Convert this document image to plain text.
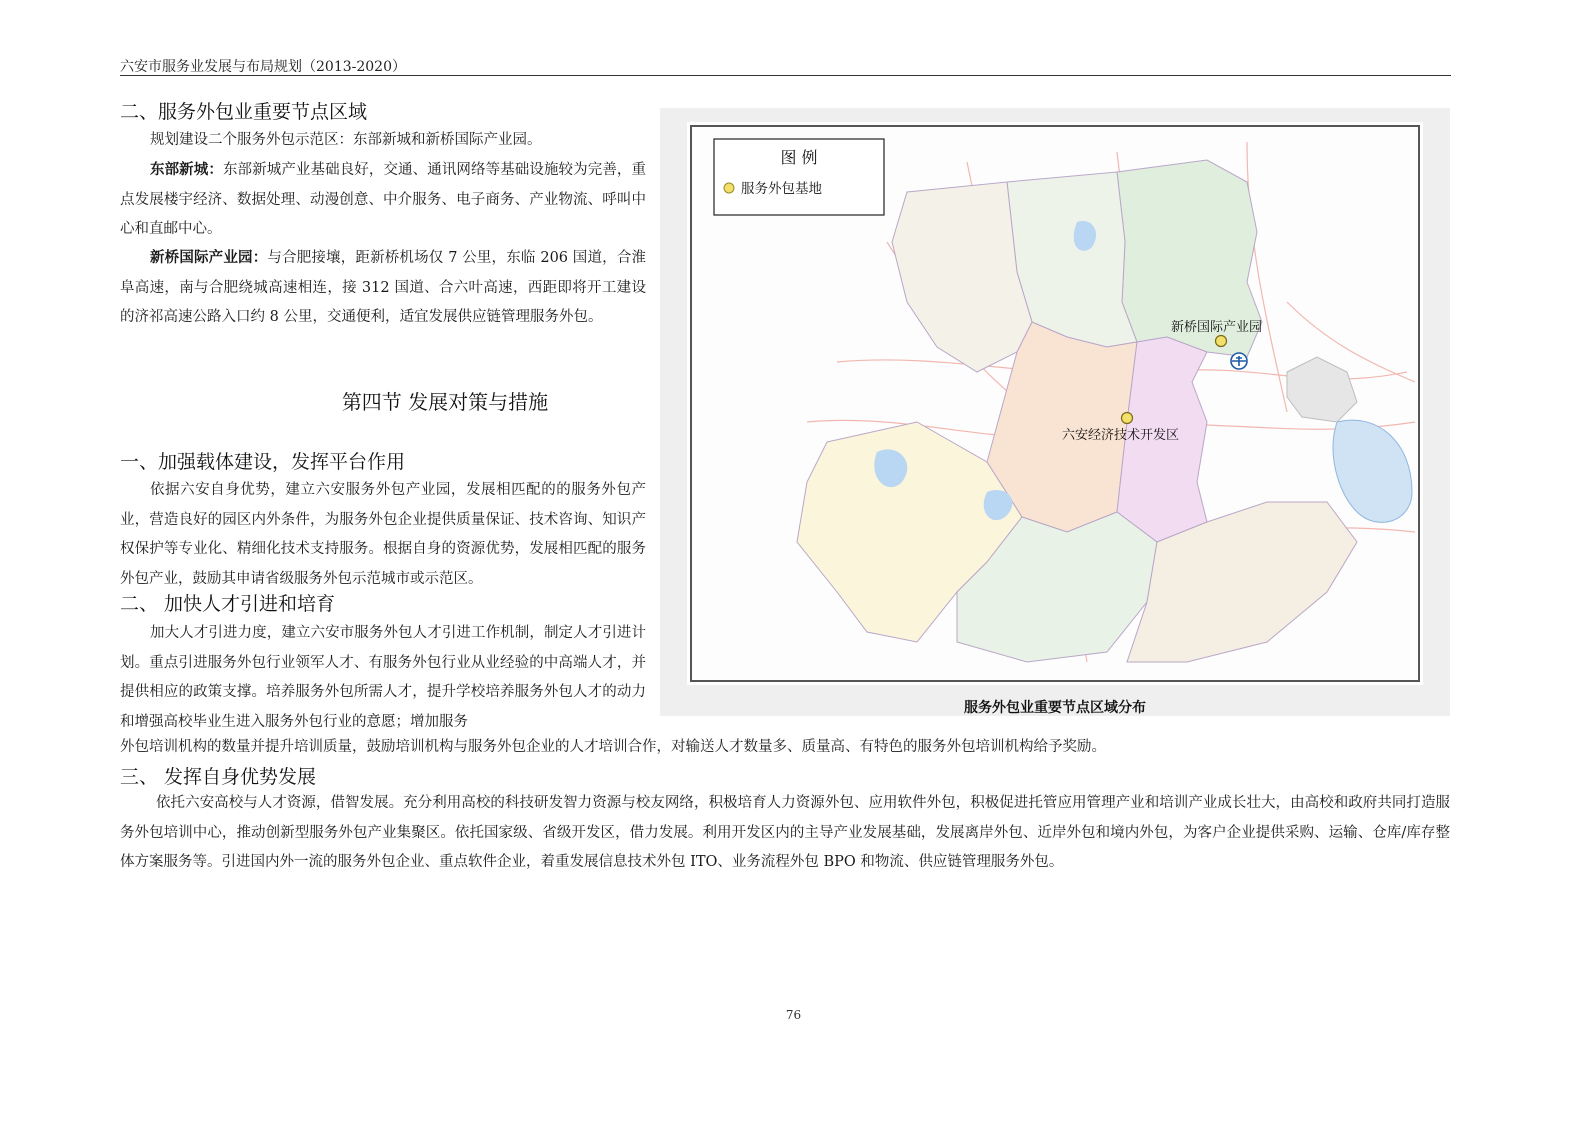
六安市服务业发展与布局规划（2013-2020）
二、服务外包业重要节点区域
规划建设二个服务外包示范区：东部新城和新桥国际产业园。
东部新城：东部新城产业基础良好，交通、通讯网络等基础设施较为完善，重点发展楼宇经济、数据处理、动漫创意、中介服务、电子商务、产业物流、呼叫中心和直邮中心。
新桥国际产业园：与合肥接壤，距新桥机场仅 7 公里，东临 206 国道，合淮阜高速，南与合肥绕城高速相连，接 312 国道、合六叶高速，西距即将开工建设的济祁高速公路入口约 8 公里，交通便利，适宜发展供应链管理服务外包。
第四节 发展对策与措施
一、加强载体建设，发挥平台作用
依据六安自身优势，建立六安服务外包产业园，发展相匹配的的服务外包产业，营造良好的园区内外条件，为服务外包企业提供质量保证、技术咨询、知识产权保护等专业化、精细化技术支持服务。根据自身的资源优势，发展相匹配的服务外包产业，鼓励其申请省级服务外包示范城市或示范区。
二、 加快人才引进和培育
加大人才引进力度，建立六安市服务外包人才引进工作机制，制定人才引进计划。重点引进服务外包行业领军人才、有服务外包行业从业经验的中高端人才，并提供相应的政策支撑。培养服务外包所需人才，提升学校培养服务外包人才的动力和增强高校毕业生进入服务外包行业的意愿；增加服务
外包培训机构的数量并提升培训质量，鼓励培训机构与服务外包企业的人才培训合作，对输送人才数量多、质量高、有特色的服务外包培训机构给予奖励。
三、 发挥自身优势发展
依托六安高校与人才资源，借智发展。充分利用高校的科技研发智力资源与校友网络，积极培育人力资源外包、应用软件外包，积极促进托管应用管理产业和培训产业成长壮大，由高校和政府共同打造服务外包培训中心，推动创新型服务外包产业集聚区。依托国家级、省级开发区，借力发展。利用开发区内的主导产业发展基础，发展离岸外包、近岸外包和境内外包，为客户企业提供采购、运输、仓库/库存整体方案服务等。引进国内外一流的服务外包企业、重点软件企业，着重发展信息技术外包 ITO、业务流程外包 BPO 和物流、供应链管理服务外包。
图 例
服务外包基地
新桥国际产业园
六安经济技术开发区
服务外包业重要节点区域分布
76
